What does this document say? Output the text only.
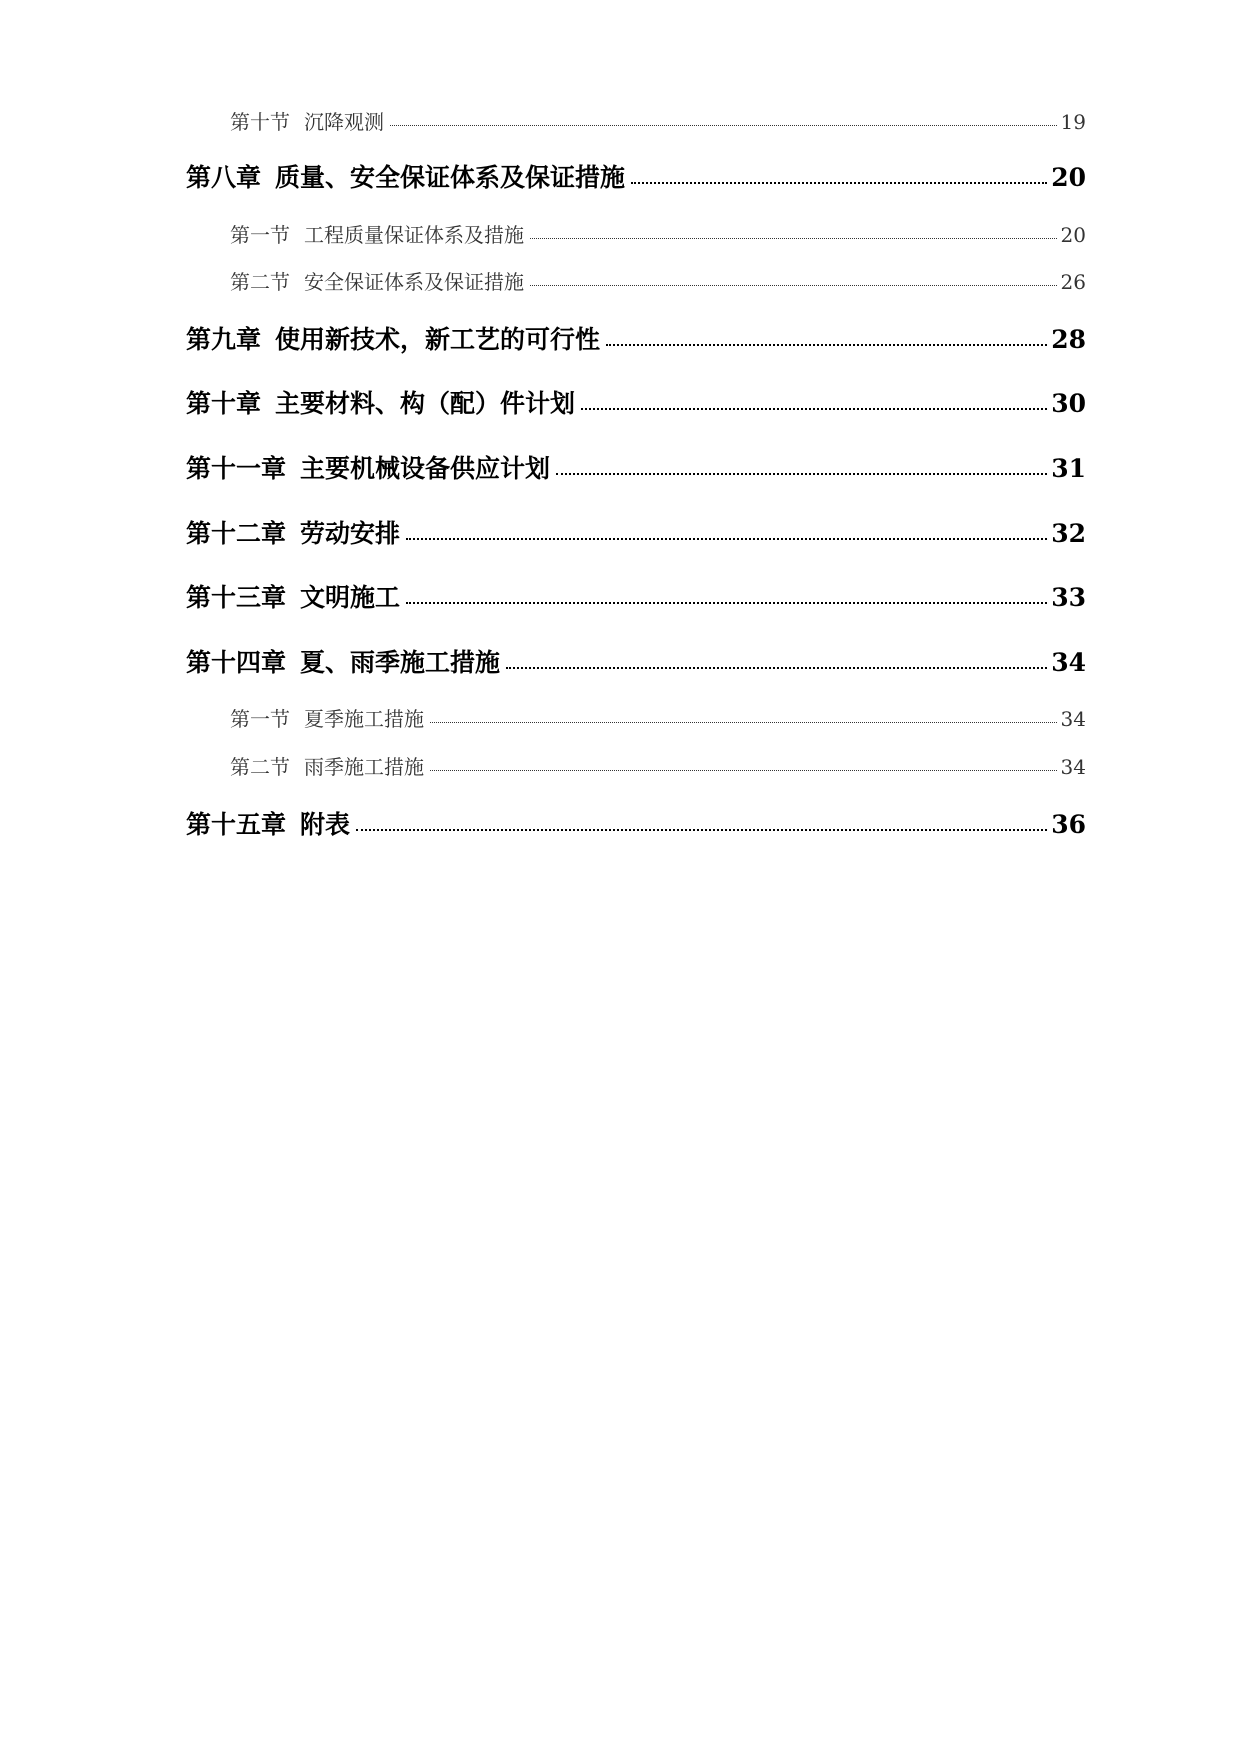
第十节 沉降观测	19
第八章 质量、安全保证体系及保证措施	20
第一节 工程质量保证体系及措施	20
第二节 安全保证体系及保证措施	26
第九章 使用新技术，新工艺的可行性	28
第十章 主要材料、构（配）件计划	30
第十一章 主要机械设备供应计划	31
第十二章 劳动安排	32
第十三章 文明施工	33
第十四章 夏、雨季施工措施	34
第一节 夏季施工措施	34
第二节 雨季施工措施	34
第十五章 附表	36
